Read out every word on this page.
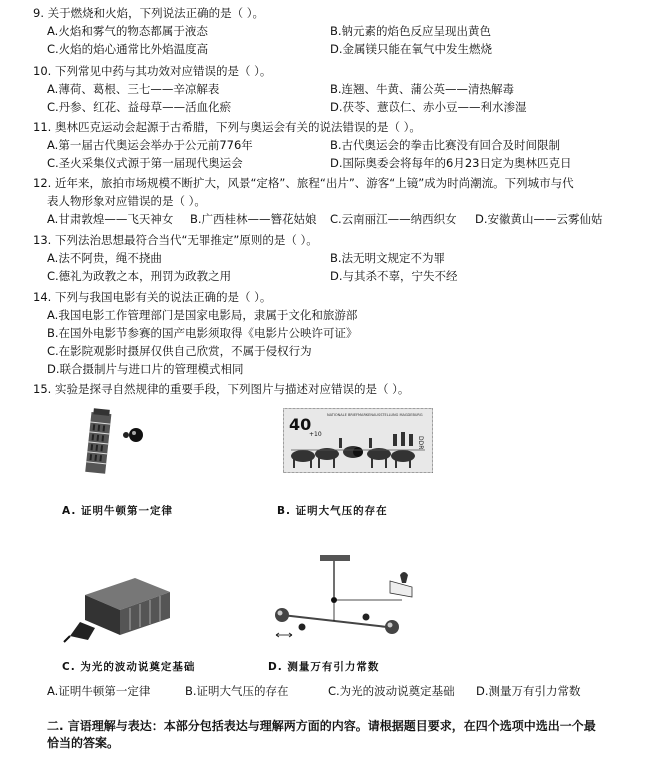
9. 关于燃烧和火焰，下列说法正确的是（ ）。
A.火焰和雾气的物态都属于液态	B.钠元素的焰色反应呈现出黄色
C.火焰的焰心通常比外焰温度高	D.金属镁只能在氧气中发生燃烧
10. 下列常见中药与其功效对应错误的是（ ）。
A.薄荷、葛根、三七——辛凉解表	B.连翘、牛黄、蒲公英——清热解毒
C.丹参、红花、益母草——活血化瘀	D.茯苓、薏苡仁、赤小豆——利水渗湿
11. 奥林匹克运动会起源于古希腊，下列与奥运会有关的说法错误的是（ ）。
A.第一届古代奥运会举办于公元前776年	B.古代奥运会的拳击比赛没有回合及时间限制
C.圣火采集仪式源于第一届现代奥运会	D.国际奥委会将每年的6月23日定为奥林匹克日
12. 近年来，旅拍市场规模不断扩大，风景“定格”、旅程“出片”、游客“上镜”成为时尚潮流。下列城市与代
表人物形象对应错误的是（ ）。
A.甘肃敦煌——飞天神女 B.广西桂林——簪花姑娘 C.云南丽江——纳西织女 D.安徽黄山——云雾仙姑
13. 下列法治思想最符合当代“无罪推定”原则的是（ ）。
A.法不阿贵，绳不挠曲	B.法无明文规定不为罪
C.德礼为政教之本，刑罚为政教之用	D.与其杀不辜，宁失不经
14. 下列与我国电影有关的说法正确的是（ ）。
A.我国电影工作管理部门是国家电影局，隶属于文化和旅游部
B.在国外电影节参赛的国产电影须取得《电影片公映许可证》
C.在影院观影时摄屏仅供自己欣赏，不属于侵权行为
D.联合摄制片与进口片的管理模式相同
15. 实验是探寻自然规律的重要手段，下列图片与描述对应错误的是（ ）。
A. 证明牛顿第一定律
40
+10
NATIONALE BRIEFMARKENAUSSTELLUNG MAGDEBURG
DDR
B. 证明大气压的存在
C. 为光的波动说奠定基础	D. 测量万有引力常数
A.证明牛顿第一定律	B.证明大气压的存在	C.为光的波动说奠定基础 D.测量万有引力常数
二. 言语理解与表达：本部分包括表达与理解两方面的内容。请根据题目要求，在四个选项中选出一个最
恰当的答案。
